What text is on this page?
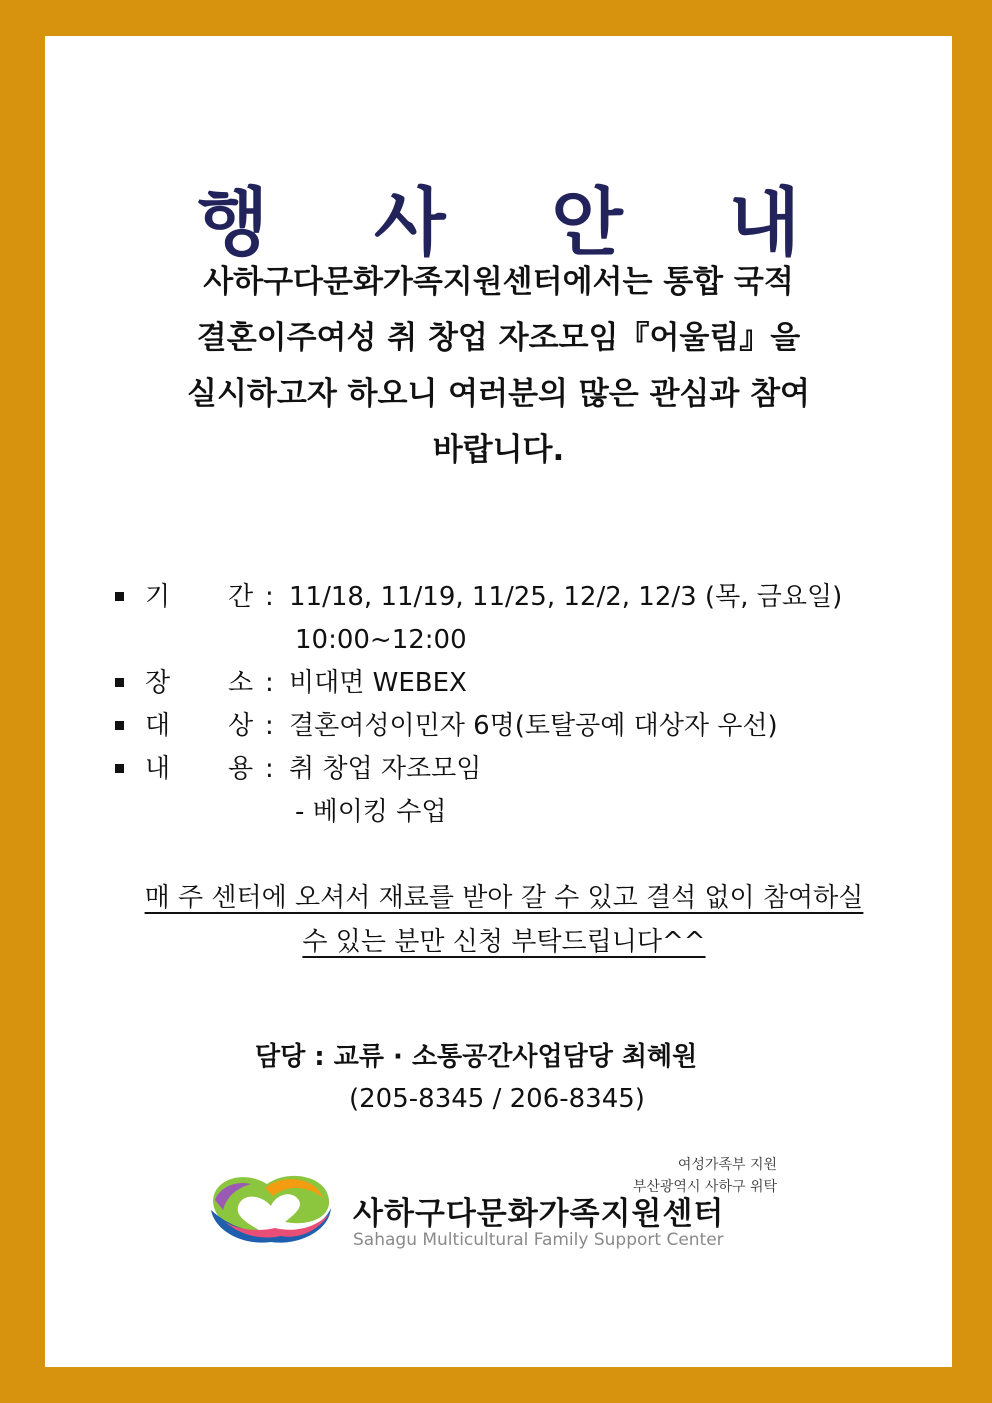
행 사 안 내
사하구다문화가족지원센터에서는 통합 국적
결혼이주여성 취 창업 자조모임『어울림』을
실시하고자 하오니 여러분의 많은 관심과 참여
바랍니다.
기 간 : 11/18, 11/19, 11/25, 12/2, 12/3 (목, 금요일)
10:00~12:00
장 소 : 비대면 WEBEX
대 상 : 결혼여성이민자 6명(토탈공예 대상자 우선)
내 용 : 취 창업 자조모임
- 베이킹 수업
매 주 센터에 오셔서 재료를 받아 갈 수 있고 결석 없이 참여하실
수 있는 분만 신청 부탁드립니다^^
담당 : 교류 · 소통공간사업담당 최혜원
(205-8345 / 206-8345)
여성가족부 지원
부산광역시 사하구 위탁
사하구다문화가족지원센터
Sahagu Multicultural Family Support Center
